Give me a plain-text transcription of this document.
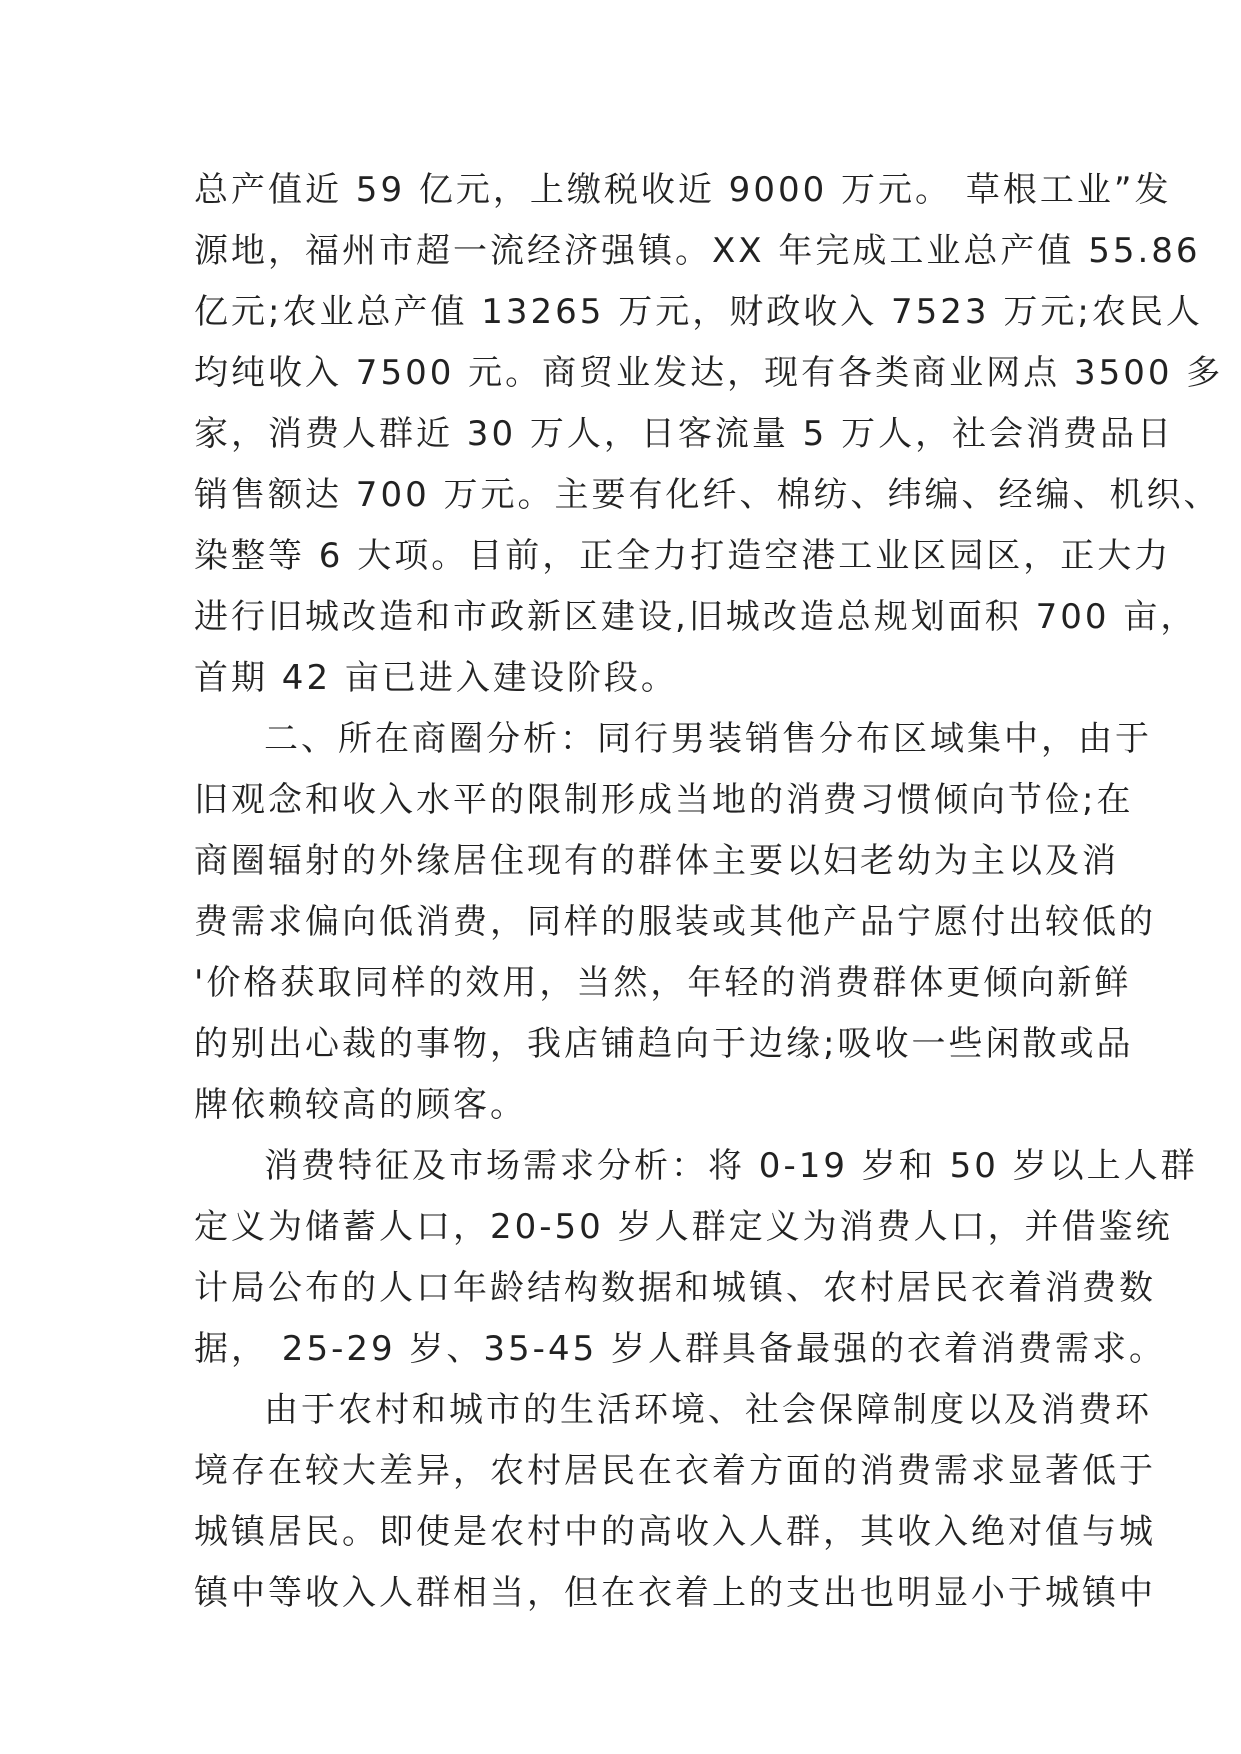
总产值近 59 亿元，上缴税收近 9000 万元。 草根工业”发
源地，福州市超一流经济强镇。XX 年完成工业总产值 55.86
亿元;农业总产值 13265 万元，财政收入 7523 万元;农民人
均纯收入 7500 元。商贸业发达，现有各类商业网点 3500 多
家，消费人群近 30 万人，日客流量 5 万人，社会消费品日
销售额达 700 万元。主要有化纤、棉纺、纬编、经编、机织、
染整等 6 大项。目前，正全力打造空港工业区园区，正大力
进行旧城改造和市政新区建设,旧城改造总规划面积 700 亩，
首期 42 亩已进入建设阶段。
二、所在商圈分析：同行男装销售分布区域集中，由于
旧观念和收入水平的限制形成当地的消费习惯倾向节俭;在
商圈辐射的外缘居住现有的群体主要以妇老幼为主以及消
费需求偏向低消费，同样的服装或其他产品宁愿付出较低的
'价格获取同样的效用，当然，年轻的消费群体更倾向新鲜
的别出心裁的事物，我店铺趋向于边缘;吸收一些闲散或品
牌依赖较高的顾客。
消费特征及市场需求分析：将 0-19 岁和 50 岁以上人群
定义为储蓄人口，20-50 岁人群定义为消费人口，并借鉴统
计局公布的人口年龄结构数据和城镇、农村居民衣着消费数
据， 25-29 岁、35-45 岁人群具备最强的衣着消费需求。
由于农村和城市的生活环境、社会保障制度以及消费环
境存在较大差异，农村居民在衣着方面的消费需求显著低于
城镇居民。即使是农村中的高收入人群，其收入绝对值与城
镇中等收入人群相当，但在衣着上的支出也明显小于城镇中
